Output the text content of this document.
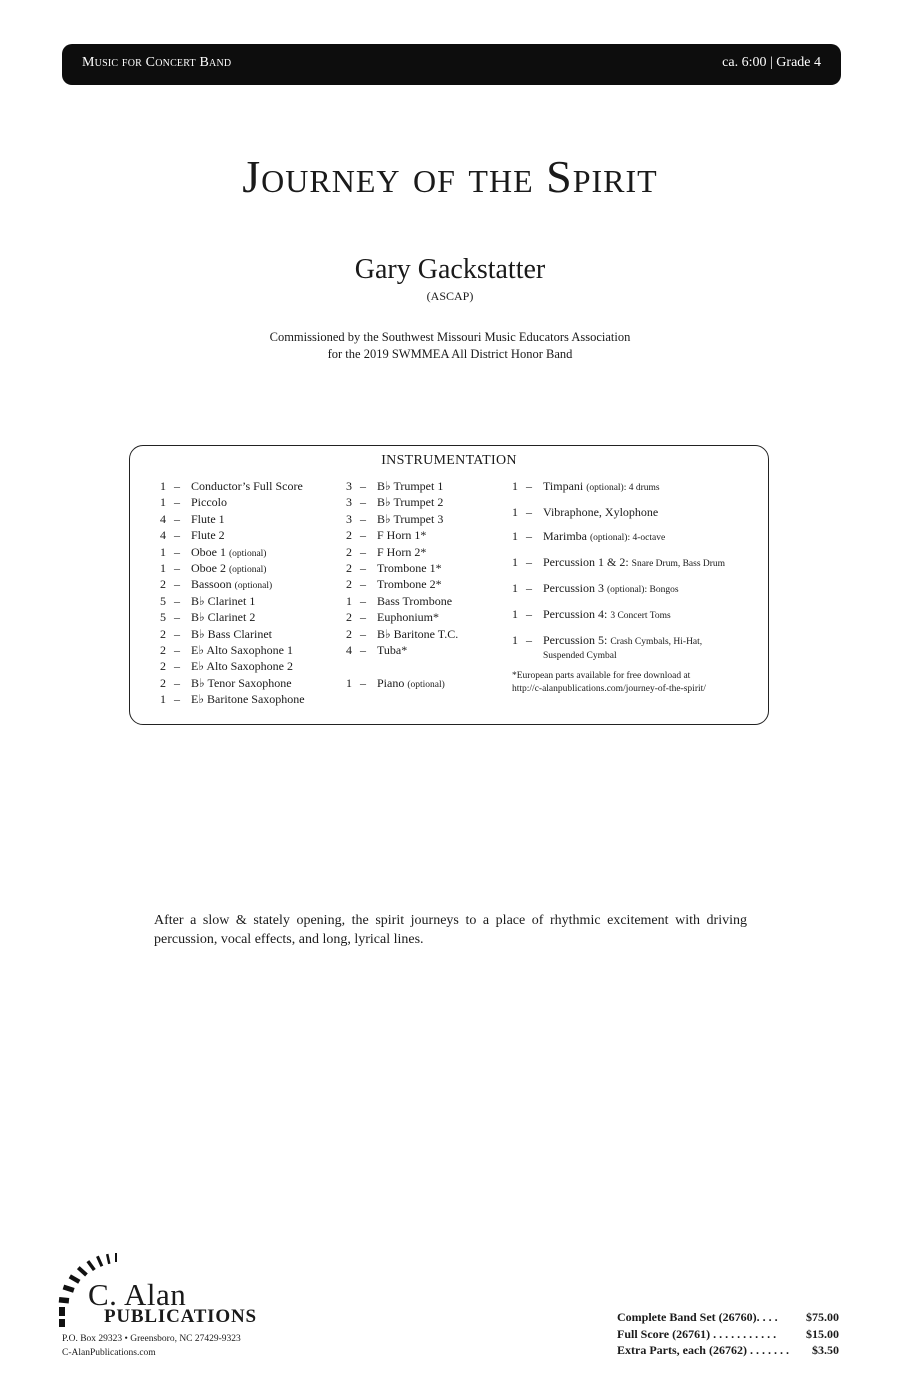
Music for Concert Band	ca. 6:00 | Grade 4
Journey of the Spirit
Gary Gackstatter
(ASCAP)
Commissioned by the Southwest Missouri Music Educators Association
for the 2019 SWMMEA All District Honor Band
INSTRUMENTATION
1 – Conductor’s Full Score
1 – Piccolo
4 – Flute 1
4 – Flute 2
1 – Oboe 1 (optional)
1 – Oboe 2 (optional)
2 – Bassoon (optional)
5 – B♭ Clarinet 1
5 – B♭ Clarinet 2
2 – B♭ Bass Clarinet
2 – E♭ Alto Saxophone 1
2 – E♭ Alto Saxophone 2
2 – B♭ Tenor Saxophone
1 – E♭ Baritone Saxophone
3 – B♭ Trumpet 1
3 – B♭ Trumpet 2
3 – B♭ Trumpet 3
2 – F Horn 1*
2 – F Horn 2*
2 – Trombone 1*
2 – Trombone 2*
1 – Bass Trombone
2 – Euphonium*
2 – B♭ Baritone T.C.
4 – Tuba*
1 – Piano (optional)
1 – Timpani (optional): 4 drums
1 – Vibraphone, Xylophone
1 – Marimba (optional): 4-octave
1 – Percussion 1 & 2: Snare Drum, Bass Drum
1 – Percussion 3 (optional): Bongos
1 – Percussion 4: 3 Concert Toms
1 – Percussion 5: Crash Cymbals, Hi-Hat,
Suspended Cymbal
*European parts available for free download at
http://c-alanpublications.com/journey-of-the-spirit/
After a slow & stately opening, the spirit journeys to a place of rhythmic excitement with driving percussion, vocal effects, and long, lyrical lines.
C. Alan
PUBLICATIONS
P.O. Box 29323 • Greensboro, NC 27429-9323
C-AlanPublications.com
Complete Band Set (26760). . . . $75.00
Full Score (26761) . . . . . . . . . . . $15.00
Extra Parts, each (26762) . . . . . . . $3.50
